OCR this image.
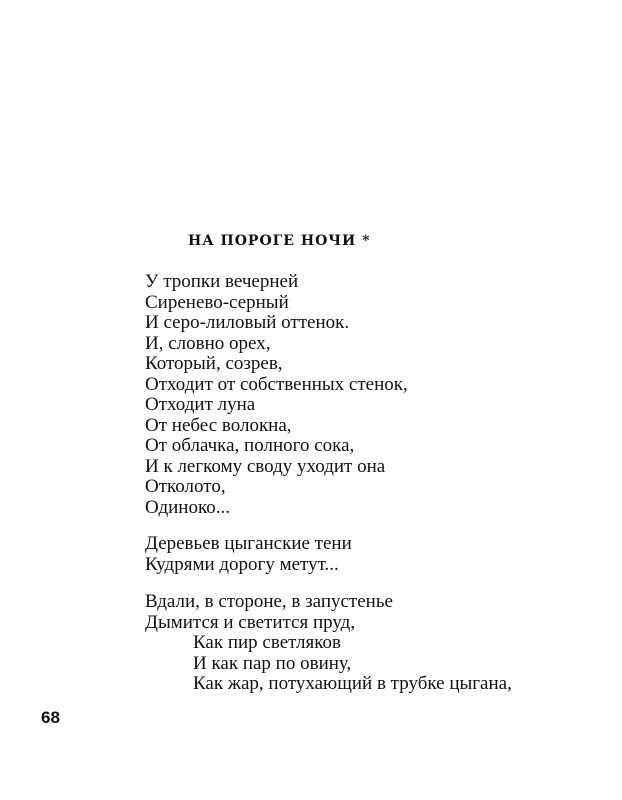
НА ПОРОГЕ НОЧИ *
У тропки вечерней
Сиренево-серный
И серо-лиловый оттенок.
И, словно орех,
Который, созрев,
Отходит от собственных стенок,
Отходит луна
От небес волокна,
От облачка, полного сока,
И к легкому своду уходит она
Отколото,
Одиноко...
Деревьев цыганские тени
Кудрями дорогу метут...
Вдали, в стороне, в запустенье
Дымится и светится пруд,
Как пир светляков
И как пар по овину,
Как жар, потухающий в трубке цыгана,
68
